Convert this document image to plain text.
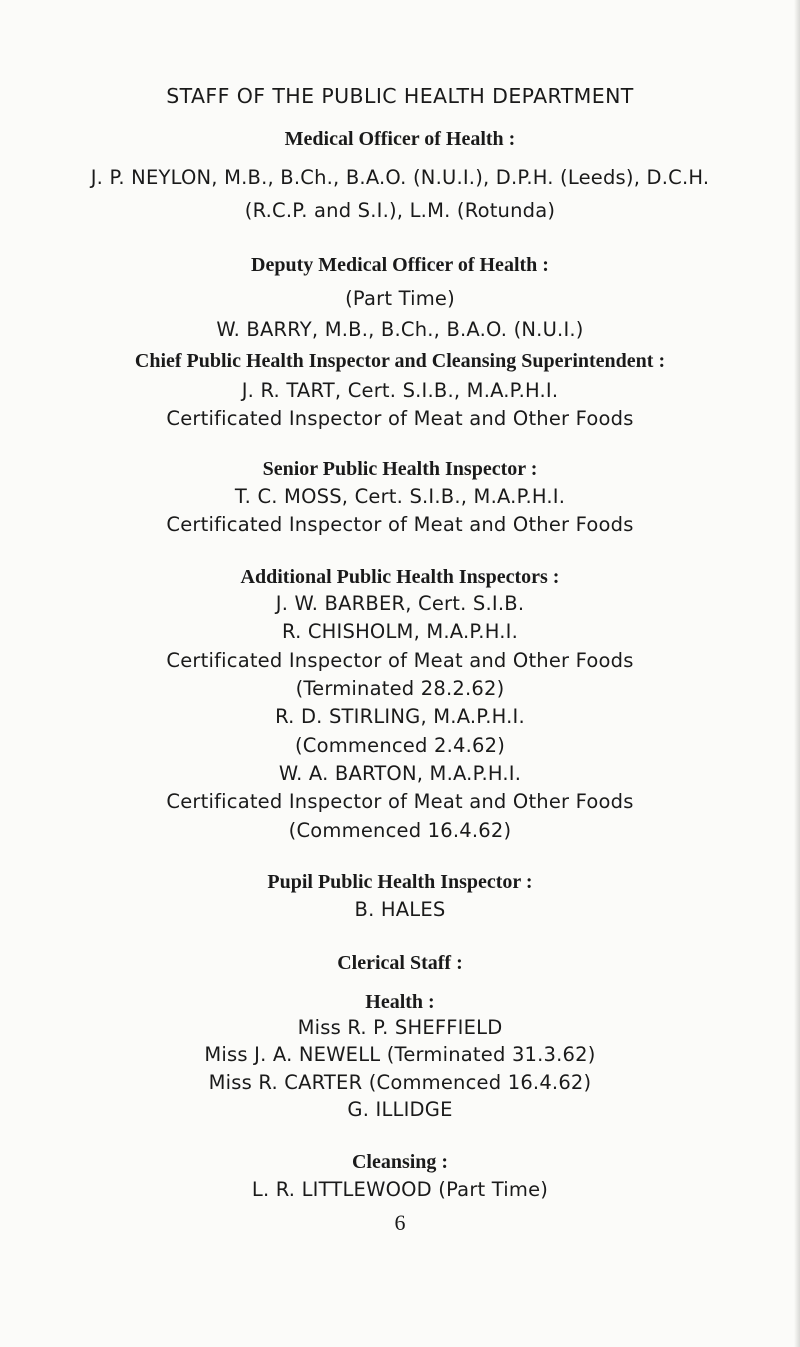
STAFF OF THE PUBLIC HEALTH DEPARTMENT
Medical Officer of Health :
J. P. NEYLON, M.B., B.Ch., B.A.O. (N.U.I.), D.P.H. (Leeds), D.C.H.
(R.C.P. and S.I.), L.M. (Rotunda)
Deputy Medical Officer of Health :
(Part Time)
W. BARRY, M.B., B.Ch., B.A.O. (N.U.I.)
Chief Public Health Inspector and Cleansing Superintendent :
J. R. TART, Cert. S.I.B., M.A.P.H.I.
Certificated Inspector of Meat and Other Foods
Senior Public Health Inspector :
T. C. MOSS, Cert. S.I.B., M.A.P.H.I.
Certificated Inspector of Meat and Other Foods
Additional Public Health Inspectors :
J. W. BARBER, Cert. S.I.B.
R. CHISHOLM, M.A.P.H.I.
Certificated Inspector of Meat and Other Foods
(Terminated 28.2.62)
R. D. STIRLING, M.A.P.H.I.
(Commenced 2.4.62)
W. A. BARTON, M.A.P.H.I.
Certificated Inspector of Meat and Other Foods
(Commenced 16.4.62)
Pupil Public Health Inspector :
B. HALES
Clerical Staff :
Health :
Miss R. P. SHEFFIELD
Miss J. A. NEWELL (Terminated 31.3.62)
Miss R. CARTER (Commenced 16.4.62)
G. ILLIDGE
Cleansing :
L. R. LITTLEWOOD (Part Time)
6
